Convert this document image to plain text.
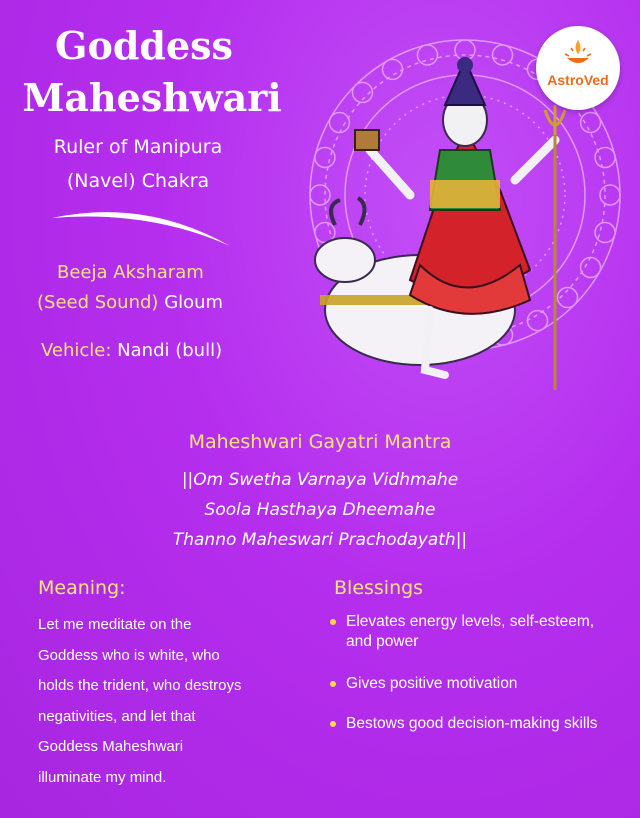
Goddess
Maheshwari
Ruler of Manipura
(Navel) Chakra
Beeja Aksharam
(Seed Sound) Gloum
Vehicle: Nandi (bull)
Maheshwari Gayatri Mantra
||Om Swetha Varnaya Vidhmahe
Soola Hasthaya Dheemahe
Thanno Maheswari Prachodayath||
Meaning:
Let me meditate on the
Goddess who is white, who
holds the trident, who destroys
negativities, and let that
Goddess Maheshwari
illuminate my mind.
Blessings
Elevates energy levels, self-esteem, and power
Gives positive motivation
Bestows good decision-making skills
AstroVed
